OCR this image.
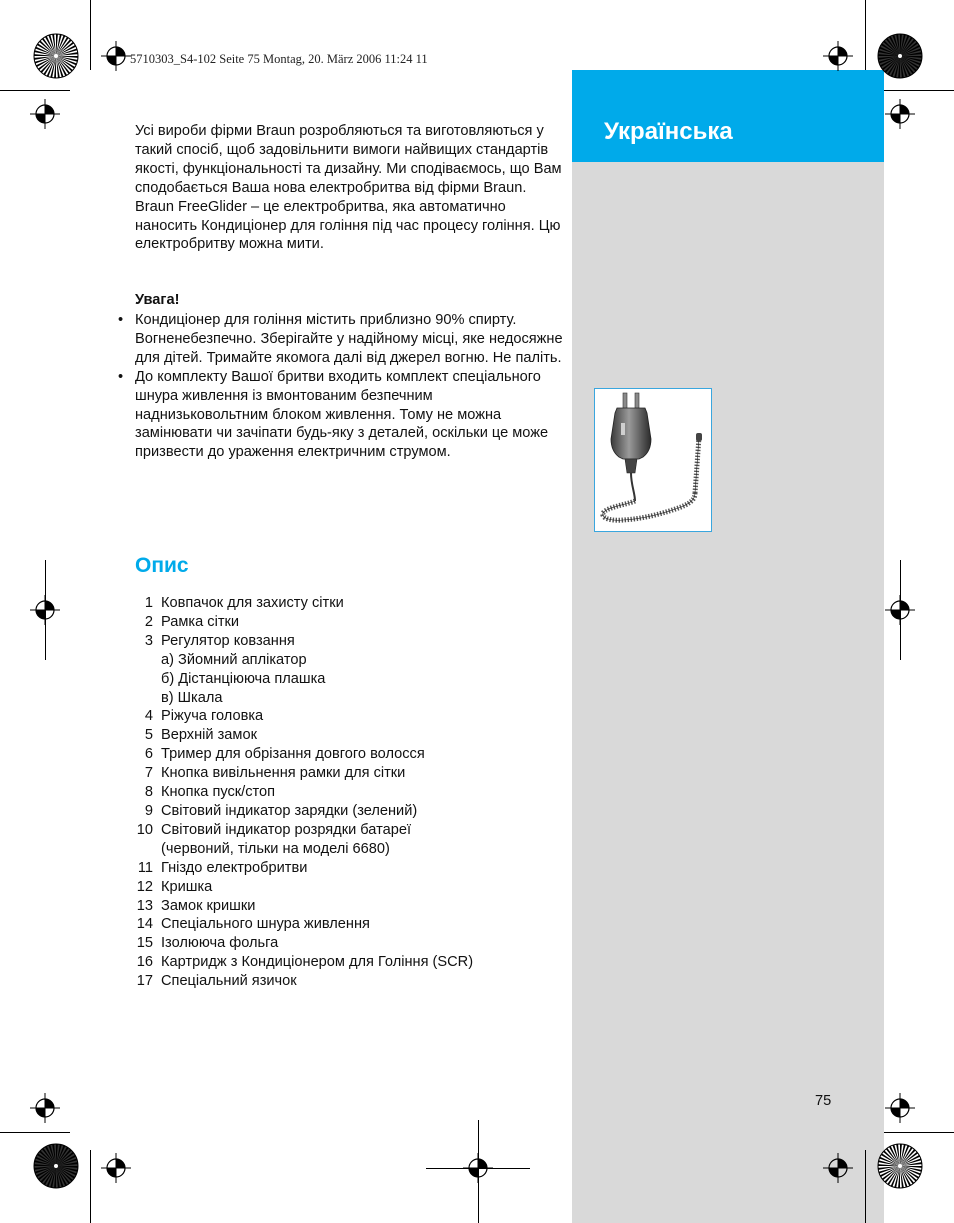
Українська
5710303_S4-102 Seite 75 Montag, 20. März 2006 11:24 11

Усі вироби фірми Braun розробляються та виготовляються у такий спосіб, щоб задовільнити вимоги найвищих стандартів якості, функціональності та дизайну. Ми сподіваємось, що Вам сподобається Ваша нова електробритва від фірми Braun.

Braun FreeGlider – це електробритва, яка автоматично наносить Кондиціонер для гоління під час процесу гоління. Цю електробритву можна мити.

Увага!
• Кондиціонер для гоління містить приблизно 90% спирту. Вогненебезпечно. Зберігайте у надійному місці, яке недосяжне для дітей. Тримайте якомога далі від джерел вогню. Не паліть.
• До комплекту Вашої бритви входить комплект спеціального шнура живлення із вмонтованим безпечним наднизьковольтним блоком живлення. Тому не можна замінювати чи зачіпати будь-яку з деталей, оскільки це може призвести до ураження електричним струмом.
Опис
1 Ковпачок для захисту сітки
2 Рамка сітки
3 Регулятор ковзання
а) Зйомний аплікатор
б) Дістанціююча плашка
в) Шкала
4 Ріжуча головка
5 Верхній замок
6 Тример для обрізання довгого волосся
7 Кнопка вивільнення рамки для сітки
8 Кнопка пуск/стоп
9 Світовий індикатор зарядки (зелений)
10 Світовий індикатор розрядки батареї
(червоний, тільки на моделі 6680)
11 Гніздо електробритви
12 Кришка
13 Замок кришки
14 Спеціального шнура живлення
15 Ізолююча фольга
16 Картридж з Кондиціонером для Гоління (SCR)
17 Спеціальний язичок
75
